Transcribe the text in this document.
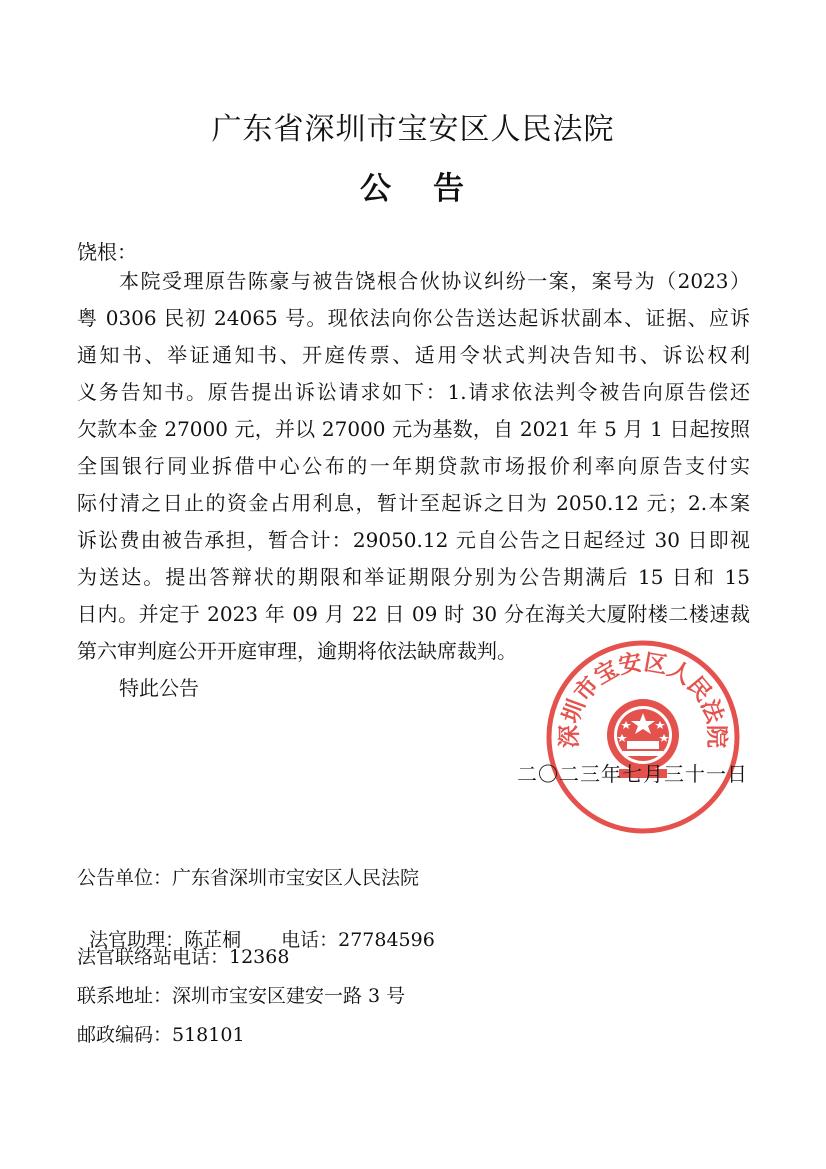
广东省深圳市宝安区人民法院
公 告
饶根：
本院受理原告陈豪与被告饶根合伙协议纠纷一案，案号为（2023）
粤 0306 民初 24065 号。现依法向你公告送达起诉状副本、证据、应诉
通知书、举证通知书、开庭传票、适用令状式判决告知书、诉讼权利
义务告知书。原告提出诉讼请求如下：1.请求依法判令被告向原告偿还
欠款本金 27000 元，并以 27000 元为基数，自 2021 年 5 月 1 日起按照
全国银行同业拆借中心公布的一年期贷款市场报价利率向原告支付实
际付清之日止的资金占用利息，暂计至起诉之日为 2050.12 元；2.本案
诉讼费由被告承担，暂合计：29050.12 元自公告之日起经过 30 日即视
为送达。提出答辩状的期限和举证期限分别为公告期满后 15 日和 15
日内。并定于 2023 年 09 月 22 日 09 时 30 分在海关大厦附楼二楼速裁
第六审判庭公开开庭审理，逾期将依法缺席裁判。
特此公告
深圳市宝安区人民法院
二〇二三年七月三十一日
公告单位：广东省深圳市宝安区人民法院

法官助理：陈芷桐 电话：27784596

法官联络站电话：12368
联系地址：深圳市宝安区建安一路 3 号
邮政编码：518101
